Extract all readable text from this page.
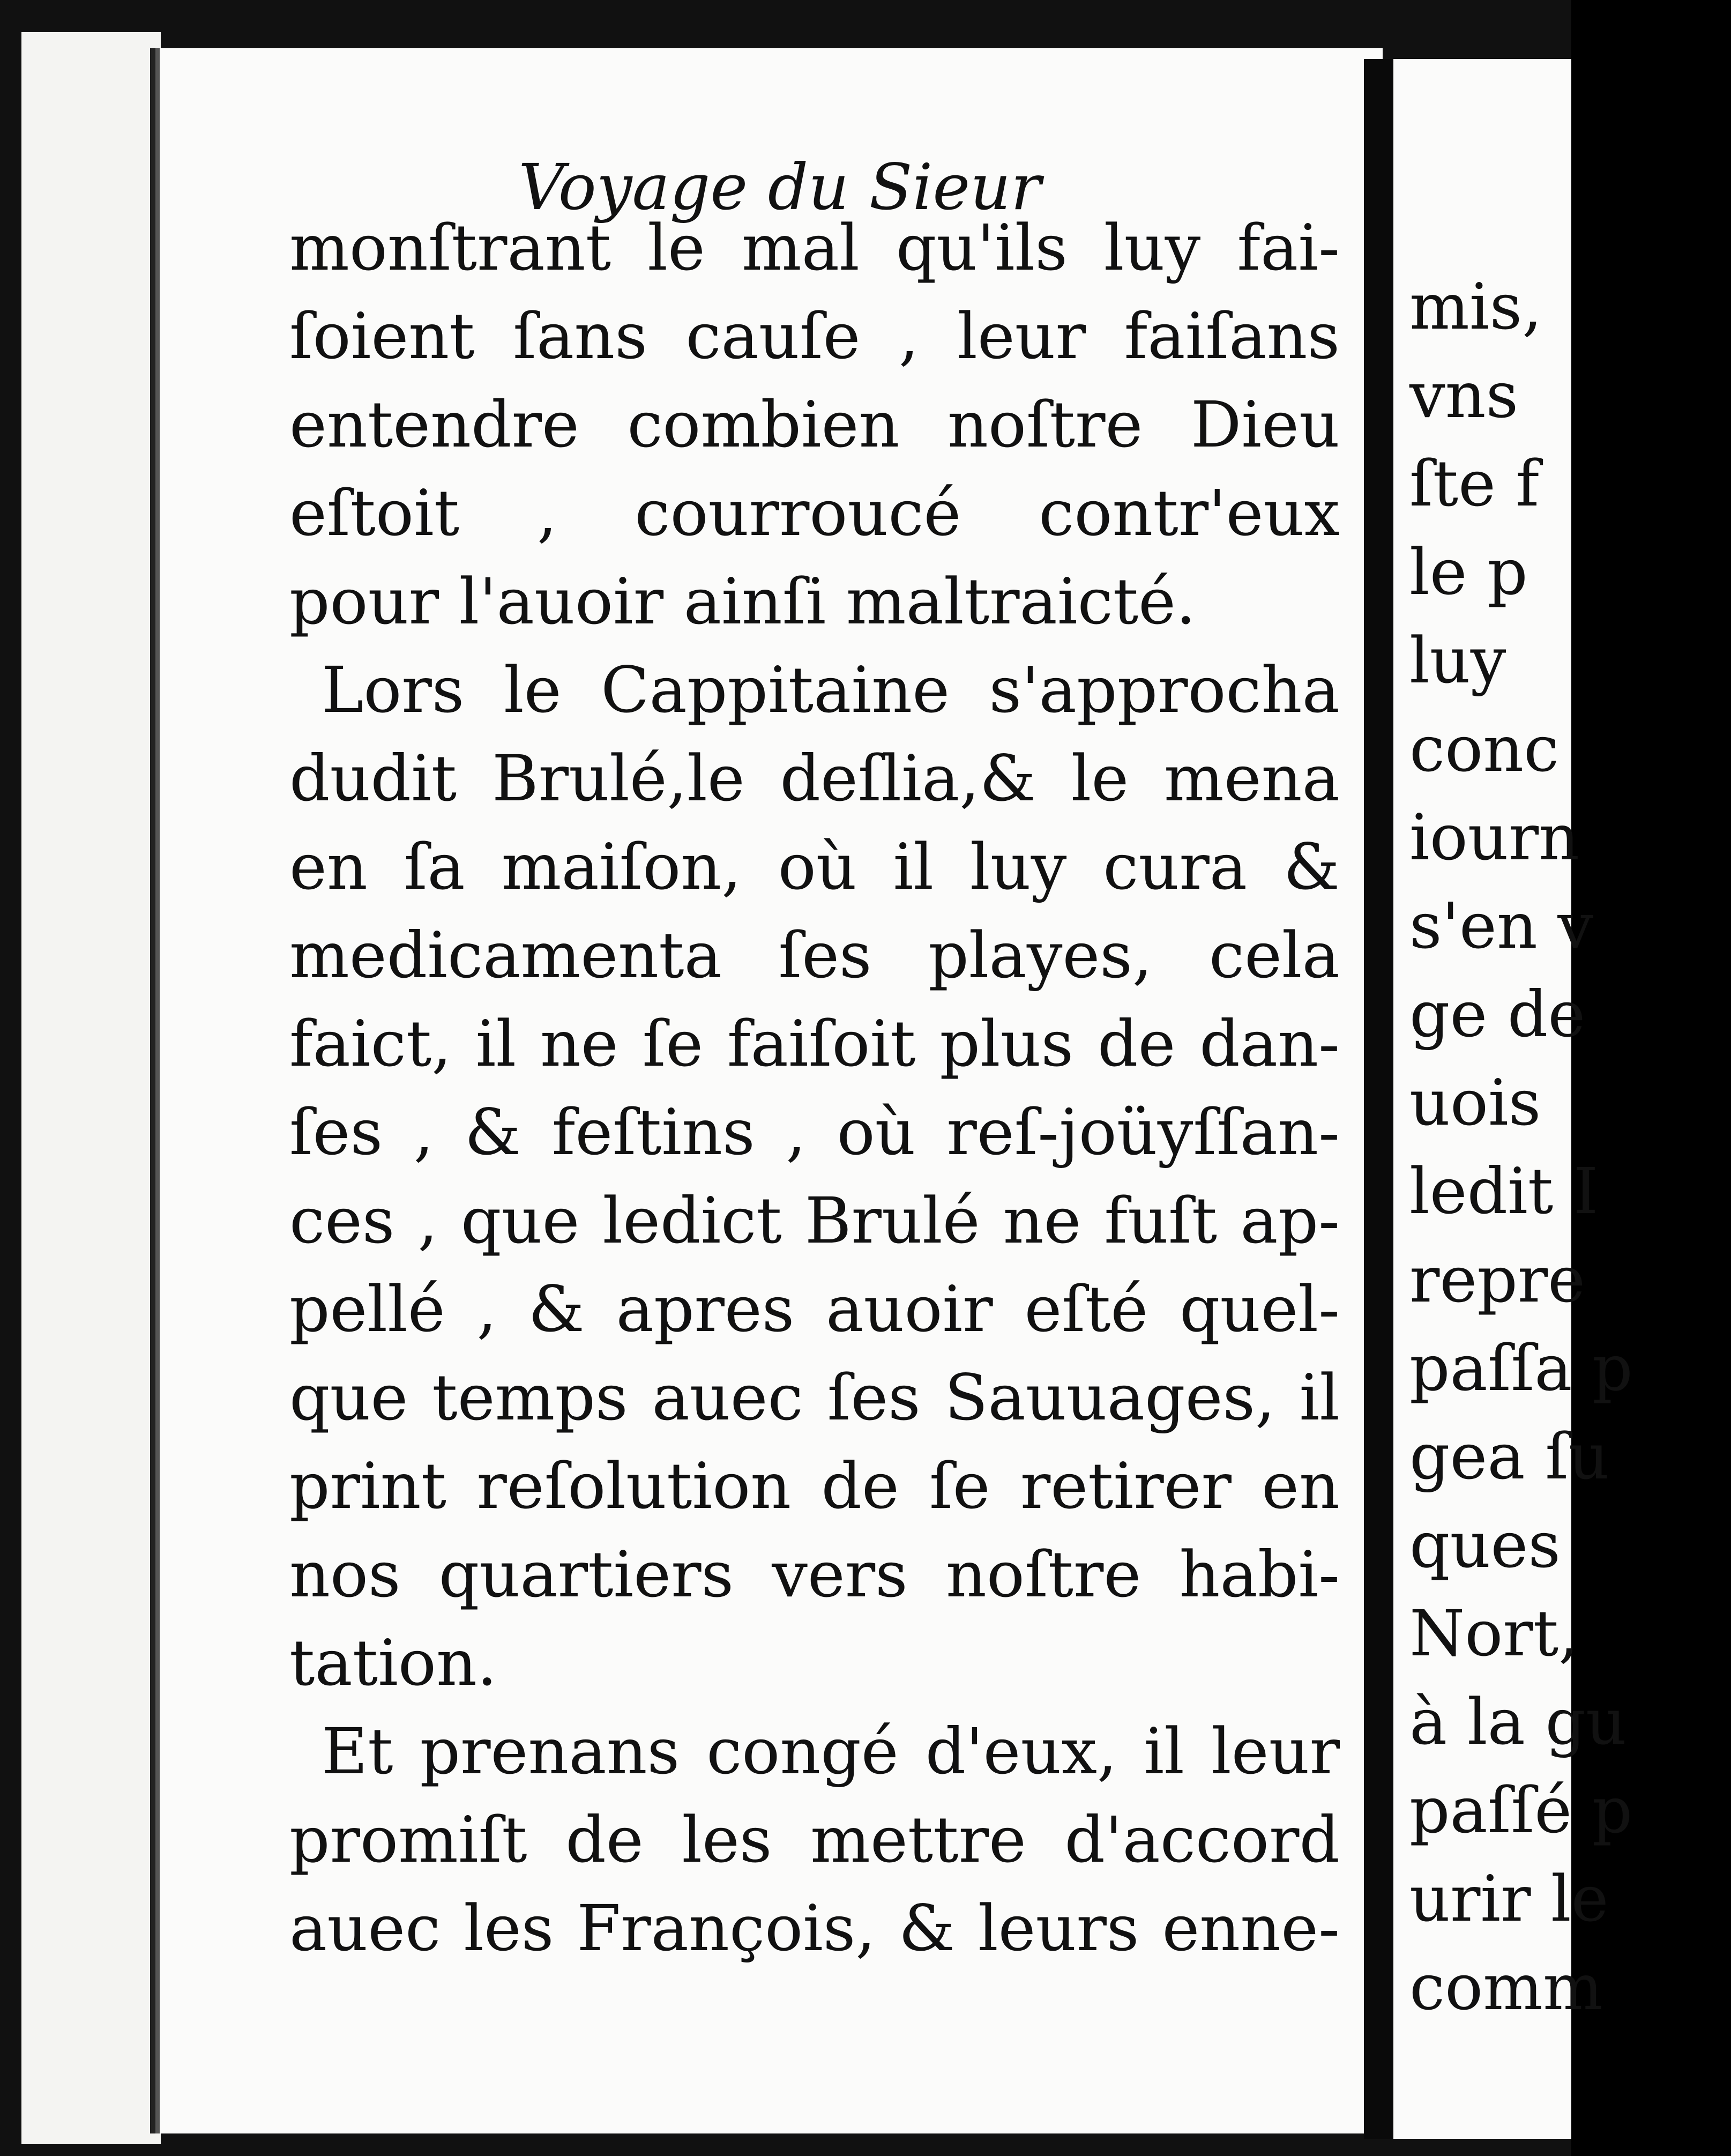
Voyage du Sieur
monſtrant le mal qu'ils luy fai-
ſoient ſans cauſe , leur faiſans
entendre combien noſtre Dieu
eſtoit , courroucé contr'eux
pour l'auoir ainſi maltraicté.
Lors le Cappitaine s'approcha
dudit Brulé,le deſlia,& le mena
en ſa maiſon, où il luy cura &
medicamenta ſes playes, cela
faict, il ne ſe faiſoit plus de dan-
ſes , & feſtins , où reſ-joüyſſan-
ces , que ledict Brulé ne fuſt ap-
pellé , & apres auoir eſté quel-
que temps auec ſes Sauuages, il
print reſolution de ſe retirer en
nos quartiers vers noſtre habi-
tation.
Et prenans congé d'eux, il leur
promiſt de les mettre d'accord
auec les François, & leurs enne-
mis,
vns
ſte f
le p
luy
conc
iourn
s'en v
ge de
uois
ledit I
repre
paſſa p
gea ſu
ques
Nort,
à la gu
paſſé p
urir le
comm
